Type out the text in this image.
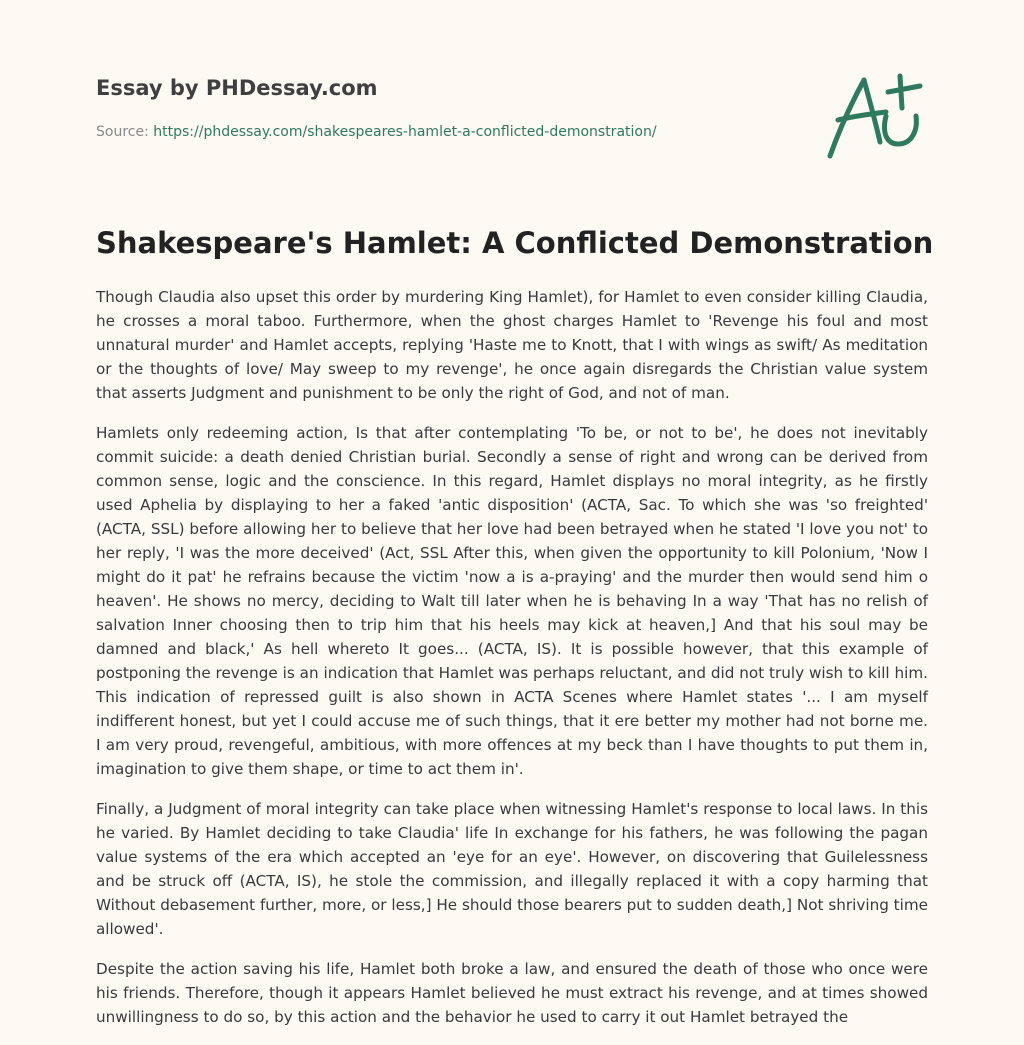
Essay by PHDessay.com
Source: https://phdessay.com/shakespeares-hamlet-a-conflicted-demonstration/
Shakespeare's Hamlet: A Conflicted Demonstration

Though Claudia also upset this order by murdering King Hamlet), for Hamlet to even consider killing Claudia, he crosses a moral taboo. Furthermore, when the ghost charges Hamlet to 'Revenge his foul and most unnatural murder' and Hamlet accepts, replying 'Haste me to Knott, that I with wings as swift/ As meditation or the thoughts of love/ May sweep to my revenge', he once again disregards the Christian value system that asserts Judgment and punishment to be only the right of God, and not of man.

Hamlets only redeeming action, Is that after contemplating 'To be, or not to be', he does not inevitably commit suicide: a death denied Christian burial. Secondly a sense of right and wrong can be derived from common sense, logic and the conscience. In this regard, Hamlet displays no moral integrity, as he firstly used Aphelia by displaying to her a faked 'antic disposition' (ACTA, Sac. To which she was 'so freighted' (ACTA, SSL) before allowing her to believe that her love had been betrayed when he stated 'I love you not' to her reply, 'I was the more deceived' (Act, SSL After this, when given the opportunity to kill Polonium, 'Now I might do it pat' he refrains because the victim 'now a is a-praying' and the murder then would send him o heaven'. He shows no mercy, deciding to Walt till later when he is behaving In a way 'That has no relish of salvation Inner choosing then to trip him that his heels may kick at heaven,] And that his soul may be damned and black,' As hell whereto It goes... (ACTA, IS). It is possible however, that this example of postponing the revenge is an indication that Hamlet was perhaps reluctant, and did not truly wish to kill him. This indication of repressed guilt is also shown in ACTA Scenes where Hamlet states '... I am myself indifferent honest, but yet I could accuse me of such things, that it ere better my mother had not borne me. I am very proud, revengeful, ambitious, with more offences at my beck than I have thoughts to put them in, imagination to give them shape, or time to act them in'.

Finally, a Judgment of moral integrity can take place when witnessing Hamlet's response to local laws. In this he varied. By Hamlet deciding to take Claudia' life In exchange for his fathers, he was following the pagan value systems of the era which accepted an 'eye for an eye'. However, on discovering that Guilelessness and be struck off (ACTA, IS), he stole the commission, and illegally replaced it with a copy harming that Without debasement further, more, or less,] He should those bearers put to sudden death,] Not shriving time allowed'.

Despite the action saving his life, Hamlet both broke a law, and ensured the death of those who once were his friends. Therefore, though it appears Hamlet believed he must extract his revenge, and at times showed unwillingness to do so, by this action and the behavior he used to carry it out Hamlet betrayed the
